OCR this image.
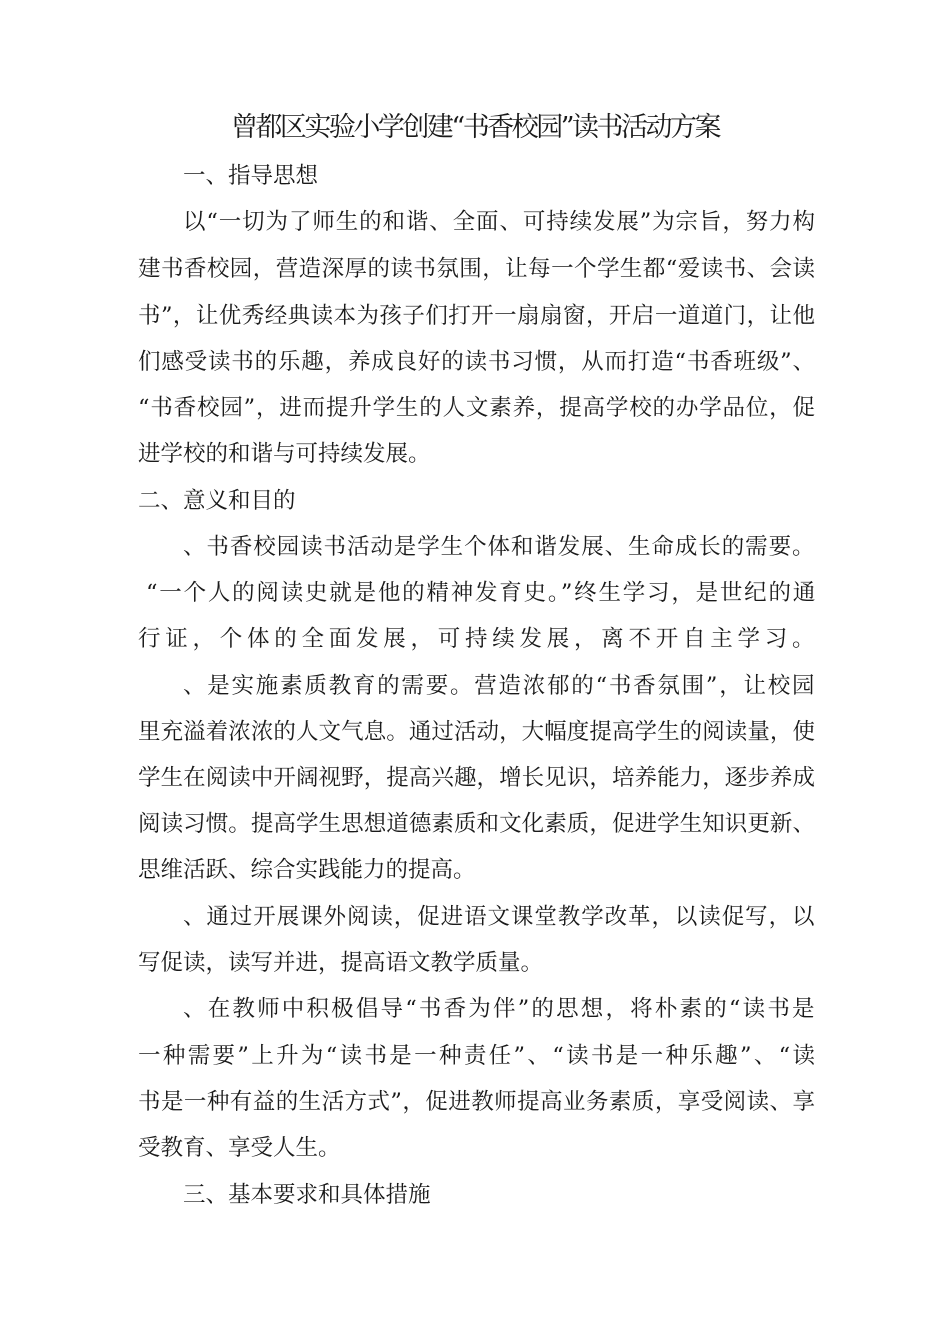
曾都区实验小学创建“书香校园”读书活动方案
一、指导思想
以“一切为了师生的和谐、全面、可持续发展”为宗旨，努力构
建书香校园，营造深厚的读书氛围，让每一个学生都“爱读书、会读
书”，让优秀经典读本为孩子们打开一扇扇窗，开启一道道门，让他
们感受读书的乐趣，养成良好的读书习惯，从而打造“书香班级”、
“书香校园”，进而提升学生的人文素养，提高学校的办学品位，促
进学校的和谐与可持续发展。
二、意义和目的
、书香校园读书活动是学生个体和谐发展、生命成长的需要。
“一个人的阅读史就是他的精神发育史。”终生学习，是世纪的通
行证，个体的全面发展，可持续发展，离不开自主学习。
、是实施素质教育的需要。营造浓郁的“书香氛围”，让校园
里充溢着浓浓的人文气息。通过活动，大幅度提高学生的阅读量，使
学生在阅读中开阔视野，提高兴趣，增长见识，培养能力，逐步养成
阅读习惯。提高学生思想道德素质和文化素质，促进学生知识更新、
思维活跃、综合实践能力的提高。
、通过开展课外阅读，促进语文课堂教学改革，以读促写，以
写促读，读写并进，提高语文教学质量。
、在教师中积极倡导“书香为伴”的思想，将朴素的“读书是
一种需要”上升为“读书是一种责任”、“读书是一种乐趣”、“读
书是一种有益的生活方式”，促进教师提高业务素质，享受阅读、享
受教育、享受人生。
三、基本要求和具体措施
